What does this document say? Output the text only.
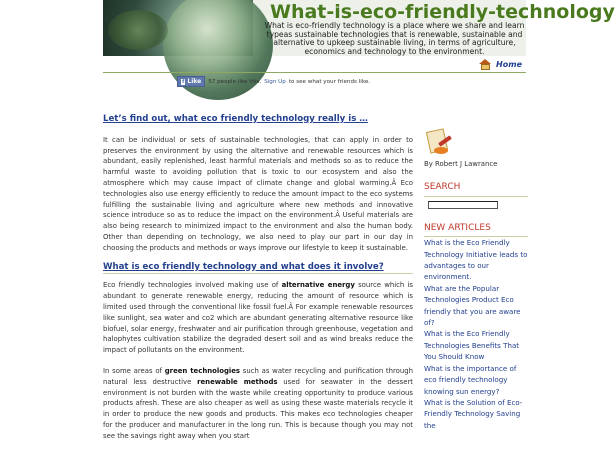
What-is-eco-friendly-technology
What is eco-friendly technology is a place where we share and learn typeas sustainable technologies that is renewable, sustainable and alternative to upkeep sustainable living, in terms of agriculture, economics and technology to the environment.
Home
f Like 57 people like this. Sign Up to see what your friends like.
Let’s find out, what eco friendly technology really is …

It can be individual or sets of sustainable technologies, that can apply in order to preserves the environment by using the alternative and renewable resources which is abundant, easily replenished, least harmful materials and methods so as to reduce the harmful waste to avoiding pollution that is toxic to our ecosystem and also the atmosphere which may cause impact of climate change and global warming.Â Eco technologies also use energy efficiently to reduce the amount impact to the eco systems fulfilling the sustainable living and agriculture where new methods and innovative science introduce so as to reduce the impact on the environment.Â Useful materials are also being research to minimized impact to the environment and also the human body. Other than depending on technology, we also need to play our part in our day in choosing the products and methods or ways improve our lifestyle to keep it sustainable.

What is eco friendly technology and what does it involve?

Eco friendly technologies involved making use of alternative energy source which is abundant to generate renewable energy, reducing the amount of resource which is limited used through the conventional like fossil fuel.Â For example renewable resources like sunlight, sea water and co2 which are abundant generating alternative resource like biofuel, solar energy, freshwater and air purification through greenhouse, vegetation and halophytes cultivation stabilize the degraded desert soil and as wind breaks reduce the impact of pollutants on the environment.

In some areas of green technologies such as water recycling and purification through natural less destructive renewable methods used for seawater in the dessert environment is not burden with the waste while creating opportunity to produce various products afresh. These are also cheaper as well as using these waste materials recycle it in order to produce the new goods and products. This makes eco technologies cheaper for the producer and manufacturer in the long run. This is because though you may not see the savings right away when you start

By Robert J Lawrance
SEARCH
NEW ARTICLES
What is the Eco Friendly Technology Initiative leads to advantages to our environment.
What are the Popular Technologies Product Eco friendly that you are aware of?
What is the Eco Friendly Technologies Benefits That You Should Know
What is the importance of eco friendly technology knowing sun energy?
What is the Solution of Eco-Friendly Technology Saving the
